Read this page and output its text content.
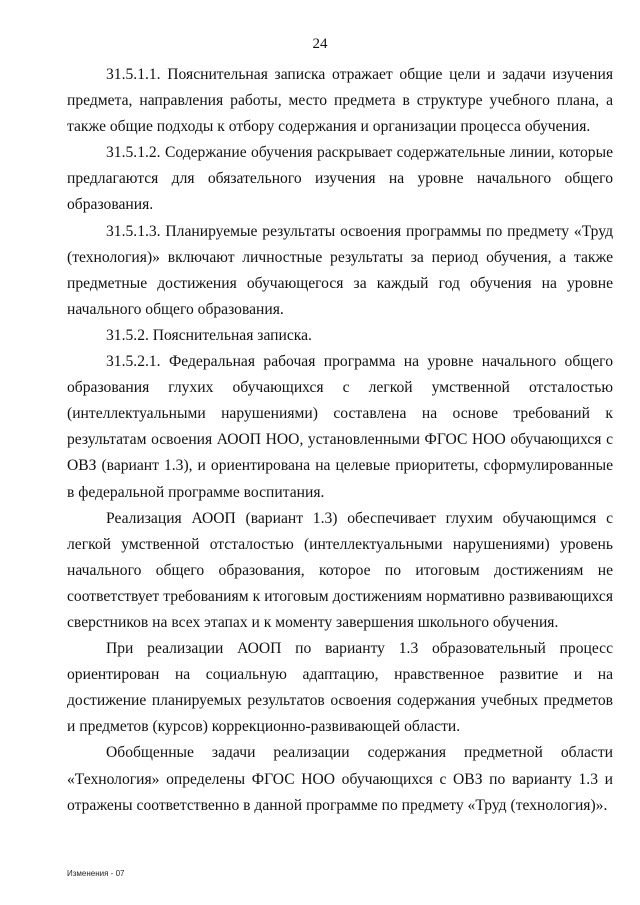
24

31.5.1.1. Пояснительная записка отражает общие цели и задачи изучения предмета, направления работы, место предмета в структуре учебного плана, а также общие подходы к отбору содержания и организации процесса обучения.

31.5.1.2. Содержание обучения раскрывает содержательные линии, которые предлагаются для обязательного изучения на уровне начального общего образования.

31.5.1.3. Планируемые результаты освоения программы по предмету «Труд (технология)» включают личностные результаты за период обучения, а также предметные достижения обучающегося за каждый год обучения на уровне начального общего образования.

31.5.2. Пояснительная записка.

31.5.2.1. Федеральная рабочая программа на уровне начального общего образования глухих обучающихся с легкой умственной отсталостью (интеллектуальными нарушениями) составлена на основе требований к результатам освоения АООП НОО, установленными ФГОС НОО обучающихся с ОВЗ (вариант 1.3), и ориентирована на целевые приоритеты, сформулированные в федеральной программе воспитания.

Реализация АООП (вариант 1.3) обеспечивает глухим обучающимся с легкой умственной отсталостью (интеллектуальными нарушениями) уровень начального общего образования, которое по итоговым достижениям не соответствует требованиям к итоговым достижениям нормативно развивающихся сверстников на всех этапах и к моменту завершения школьного обучения.

При реализации АООП по варианту 1.3 образовательный процесс ориентирован на социальную адаптацию, нравственное развитие и на достижение планируемых результатов освоения содержания учебных предметов и предметов (курсов) коррекционно-развивающей области.

Обобщенные задачи реализации содержания предметной области «Технология» определены ФГОС НОО обучающихся с ОВЗ по варианту 1.3 и отражены соответственно в данной программе по предмету «Труд (технология)».

Изменения - 07
